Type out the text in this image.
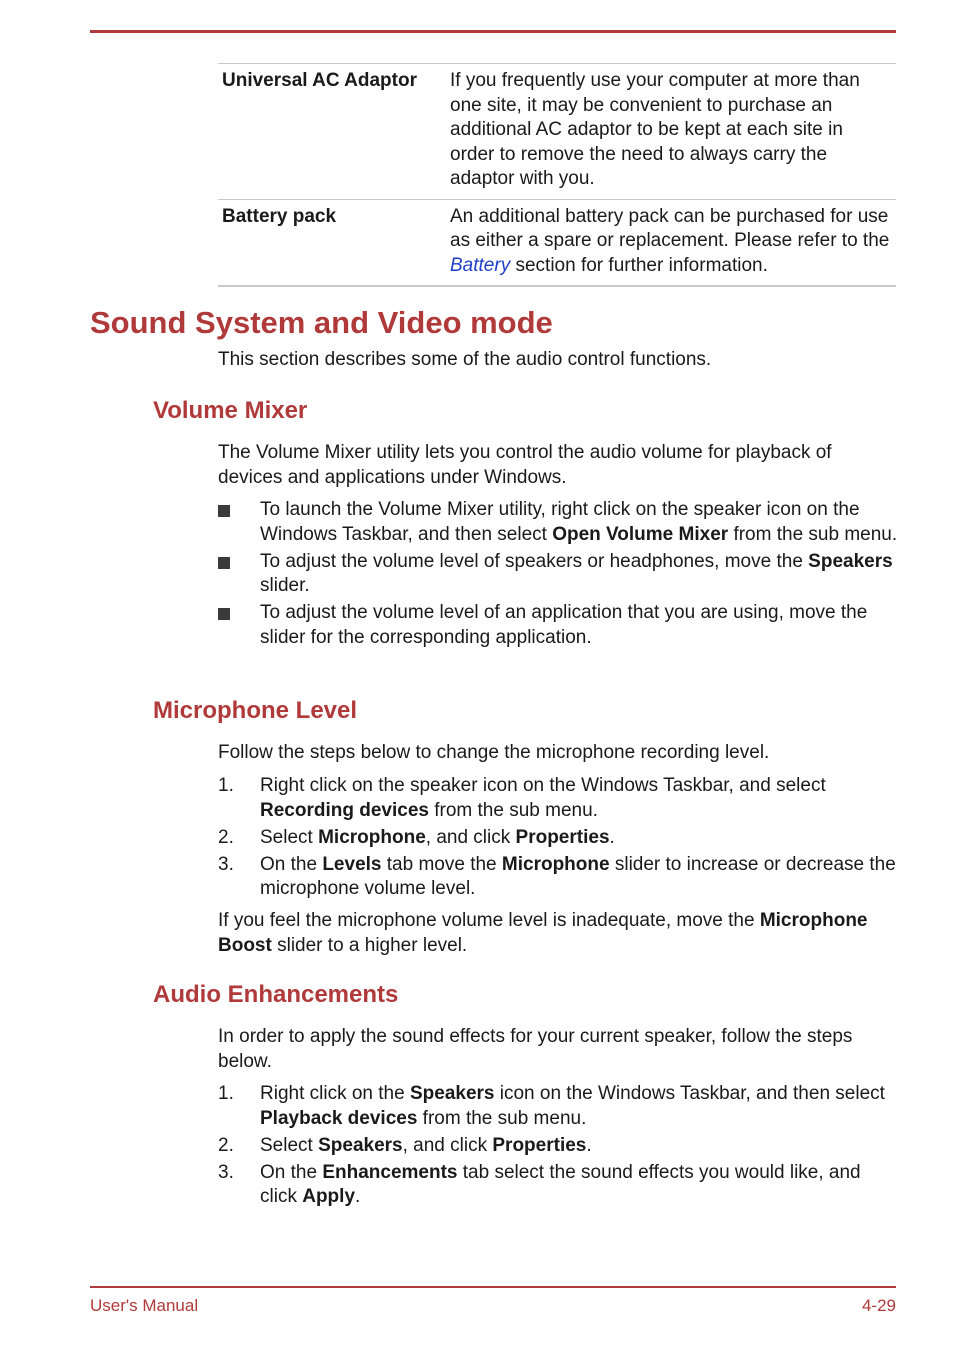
Universal AC Adaptor	If you frequently use your computer at more than one site, it may be convenient to purchase an additional AC adaptor to be kept at each site in order to remove the need to always carry the adaptor with you.
Battery pack	An additional battery pack can be purchased for use as either a spare or replacement. Please refer to the Battery section for further information.
Sound System and Video mode

This section describes some of the audio control functions.

Volume Mixer

The Volume Mixer utility lets you control the audio volume for playback of devices and applications under Windows.

To launch the Volume Mixer utility, right click on the speaker icon on the Windows Taskbar, and then select Open Volume Mixer from the sub menu.
To adjust the volume level of speakers or headphones, move the Speakers slider.
To adjust the volume level of an application that you are using, move the slider for the corresponding application.
Microphone Level

Follow the steps below to change the microphone recording level.

1. Right click on the speaker icon on the Windows Taskbar, and select Recording devices from the sub menu.
2. Select Microphone, and click Properties.
3. On the Levels tab move the Microphone slider to increase or decrease the microphone volume level.

If you feel the microphone volume level is inadequate, move the Microphone Boost slider to a higher level.

Audio Enhancements

In order to apply the sound effects for your current speaker, follow the steps below.

1. Right click on the Speakers icon on the Windows Taskbar, and then select Playback devices from the sub menu.
2. Select Speakers, and click Properties.
3. On the Enhancements tab select the sound effects you would like, and click Apply.
User's Manual	4-29
